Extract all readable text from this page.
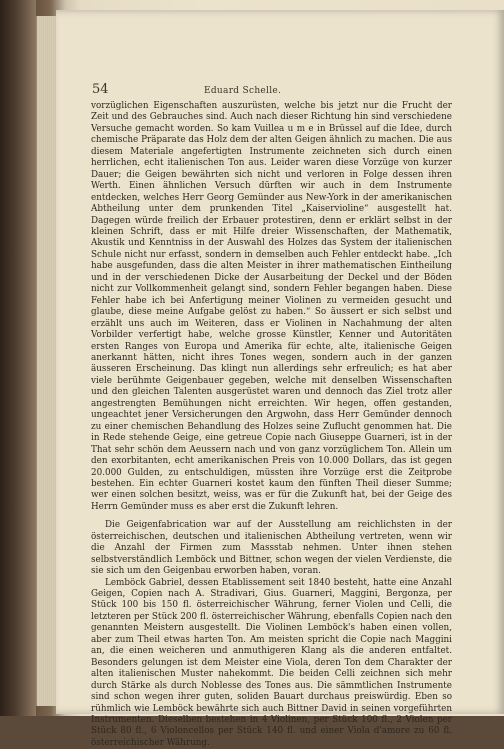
54	Eduard Schelle.

vorzüglichen Eigenschaften auszurüsten, welche bis jetzt nur die Frucht der Zeit und des Gebrauches sind. Auch nach dieser Richtung hin sind verschiedene Versuche gemacht worden. So kam Vuillea u m e in Brüssel auf die Idee, durch chemische Präparate das Holz dem der alten Geigen ähnlich zu machen. Die aus diesem Materiale angefertigten Instrumente zeichneten sich durch einen herrlichen, echt italienischen Ton aus. Leider waren diese Vorzüge von kurzer Dauer; die Geigen bewährten sich nicht und verloren in Folge dessen ihren Werth. Einen ähnlichen Versuch dürften wir auch in dem Instrumente entdecken, welches Herr Georg Gemünder aus New-York in der amerikanischen Abtheilung unter dem prunkenden Titel „Kaiservioline“ ausgestellt hat. Dagegen würde freilich der Erbauer protestiren, denn er erklärt selbst in der kleinen Schrift, dass er mit Hilfe dreier Wissenschaften, der Mathematik, Akustik und Kenntniss in der Auswahl des Holzes das System der italienischen Schule nicht nur erfasst, sondern in demselben auch Fehler entdeckt habe. „Ich habe ausgefunden, dass die alten Meister in ihrer mathematischen Eintheilung und in der verschiedenen Dicke der Ausarbeitung der Deckel und der Böden nicht zur Vollkommenheit gelangt sind, sondern Fehler begangen haben. Diese Fehler habe ich bei Anfertigung meiner Violinen zu vermeiden gesucht und glaube, diese meine Aufgabe gelöst zu haben.“ So äussert er sich selbst und erzählt uns auch im Weiteren, dass er Violinen in Nachahmung der alten Vorbilder verfertigt habe, welche grosse Künstler, Kenner und Autoritäten ersten Ranges von Europa und Amerika für echte, alte, italienische Geigen anerkannt hätten, nicht ihres Tones wegen, sondern auch in der ganzen äusseren Erscheinung. Das klingt nun allerdings sehr erfreulich; es hat aber viele berühmte Geigenbauer gegeben, welche mit denselben Wissenschaften und den gleichen Talenten ausgerüstet waren und dennoch das Ziel trotz aller angestrengten Bemühungen nicht erreichten. Wir hegen, offen gestanden, ungeachtet jener Versicherungen den Argwohn, dass Herr Gemünder dennoch zu einer chemischen Behandlung des Holzes seine Zuflucht genommen hat. Die in Rede stehende Geige, eine getreue Copie nach Giuseppe Guarneri, ist in der That sehr schön dem Aeussern nach und von ganz vorzüglichem Ton. Allein um den exorbitanten, echt amerikanischen Preis von 10.000 Dollars, das ist gegen 20.000 Gulden, zu entschuldigen, müssten ihre Vorzüge erst die Zeitprobe bestehen. Ein echter Guarneri kostet kaum den fünften Theil dieser Summe; wer einen solchen besitzt, weiss, was er für die Zukunft hat, bei der Geige des Herrn Gemünder muss es aber erst die Zukunft lehren.

Die Geigenfabrication war auf der Ausstellung am reichlichsten in der österreichischen, deutschen und italienischen Abtheilung vertreten, wenn wir die Anzahl der Firmen zum Massstab nehmen. Unter ihnen stehen selbstverständlich Lemböck und Bittner, schon wegen der vielen Verdienste, die sie sich um den Geigenbau erworben haben, voran.

Lemböck Gabriel, dessen Etablissement seit 1840 besteht, hatte eine Anzahl Geigen, Copien nach A. Stradivari, Gius. Guarneri, Maggini, Bergonza, per Stück 100 bis 150 fl. österreichischer Währung, ferner Violen und Celli, die letzteren per Stück 200 fl. österreichischer Währung, ebenfalls Copien nach den genannten Meistern ausgestellt. Die Violinen Lemböck's haben einen vollen, aber zum Theil etwas harten Ton. Am meisten spricht die Copie nach Maggini an, die einen weicheren und anmuthigeren Klang als die anderen entfaltet. Besonders gelungen ist dem Meister eine Viola, deren Ton dem Charakter der alten italienischen Muster nahekommt. Die beiden Celli zeichnen sich mehr durch Stärke als durch Noblesse des Tones aus. Die sämmtlichen Instrumente sind schon wegen ihrer guten, soliden Bauart durchaus preiswürdig. Eben so rühmlich wie Lemböck bewährte sich auch Bittner David in seinen vorgeführten Instrumenten. Dieselben bestehen in 4 Violinen, per Stück 100 fl., 2 Violen per Stück 80 fl., 6 Violoncellos per Stück 140 fl. und einer Viola d'amore zu 60 fl. österreichischer Währung.
